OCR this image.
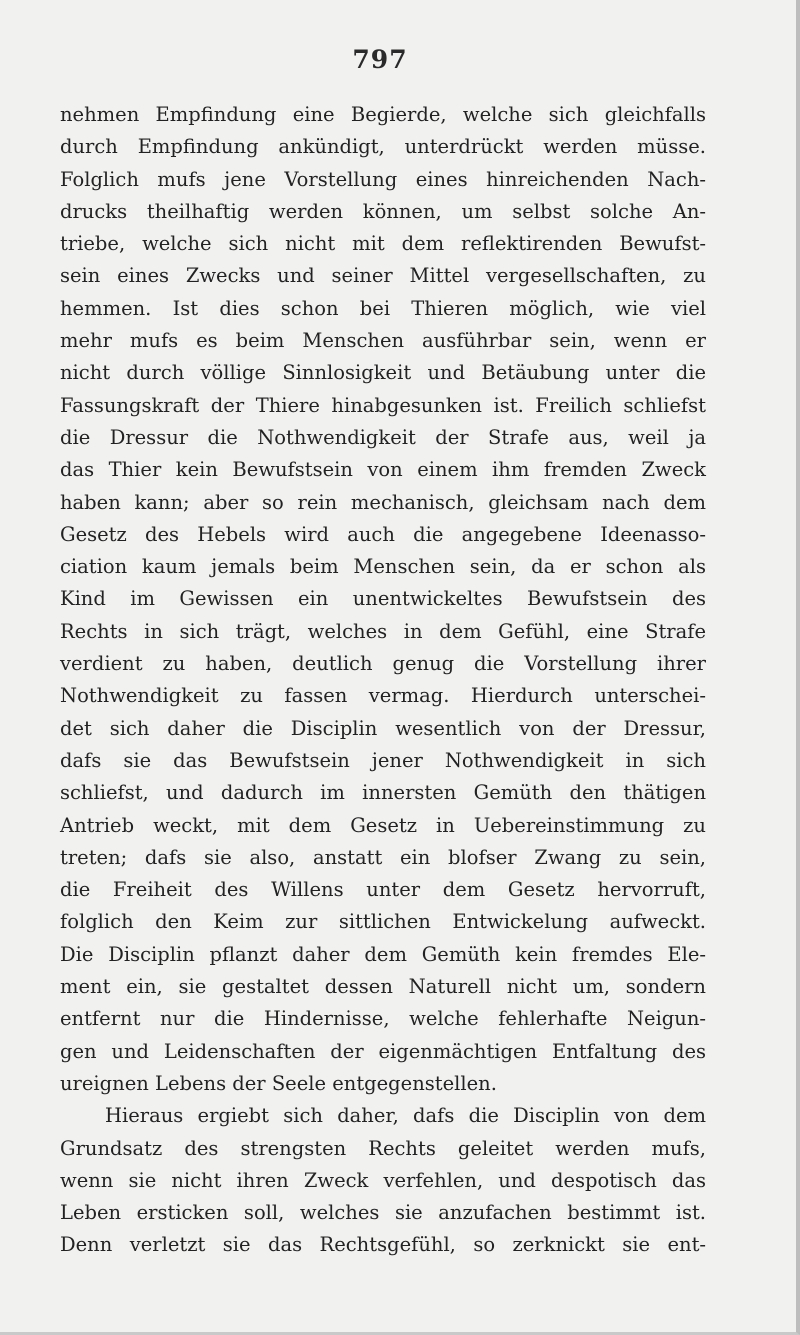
797
nehmen Empfindung eine Begierde, welche sich gleichfalls
durch Empfindung ankündigt, unterdrückt werden müsse.
Folglich mufs jene Vorstellung eines hinreichenden Nach-
drucks theilhaftig werden können, um selbst solche An-
triebe, welche sich nicht mit dem reflektirenden Bewufst-
sein eines Zwecks und seiner Mittel vergesellschaften, zu
hemmen. Ist dies schon bei Thieren möglich, wie viel
mehr mufs es beim Menschen ausführbar sein, wenn er
nicht durch völlige Sinnlosigkeit und Betäubung unter die
Fassungskraft der Thiere hinabgesunken ist. Freilich schliefst
die Dressur die Nothwendigkeit der Strafe aus, weil ja
das Thier kein Bewufstsein von einem ihm fremden Zweck
haben kann; aber so rein mechanisch, gleichsam nach dem
Gesetz des Hebels wird auch die angegebene Ideenasso-
ciation kaum jemals beim Menschen sein, da er schon als
Kind im Gewissen ein unentwickeltes Bewufstsein des
Rechts in sich trägt, welches in dem Gefühl, eine Strafe
verdient zu haben, deutlich genug die Vorstellung ihrer
Nothwendigkeit zu fassen vermag. Hierdurch unterschei-
det sich daher die Disciplin wesentlich von der Dressur,
dafs sie das Bewufstsein jener Nothwendigkeit in sich
schliefst, und dadurch im innersten Gemüth den thätigen
Antrieb weckt, mit dem Gesetz in Uebereinstimmung zu
treten; dafs sie also, anstatt ein blofser Zwang zu sein,
die Freiheit des Willens unter dem Gesetz hervorruft,
folglich den Keim zur sittlichen Entwickelung aufweckt.
Die Disciplin pflanzt daher dem Gemüth kein fremdes Ele-
ment ein, sie gestaltet dessen Naturell nicht um, sondern
entfernt nur die Hindernisse, welche fehlerhafte Neigun-
gen und Leidenschaften der eigenmächtigen Entfaltung des
ureignen Lebens der Seele entgegenstellen.
Hieraus ergiebt sich daher, dafs die Disciplin von dem
Grundsatz des strengsten Rechts geleitet werden mufs,
wenn sie nicht ihren Zweck verfehlen, und despotisch das
Leben ersticken soll, welches sie anzufachen bestimmt ist.
Denn verletzt sie das Rechtsgefühl, so zerknickt sie ent-
